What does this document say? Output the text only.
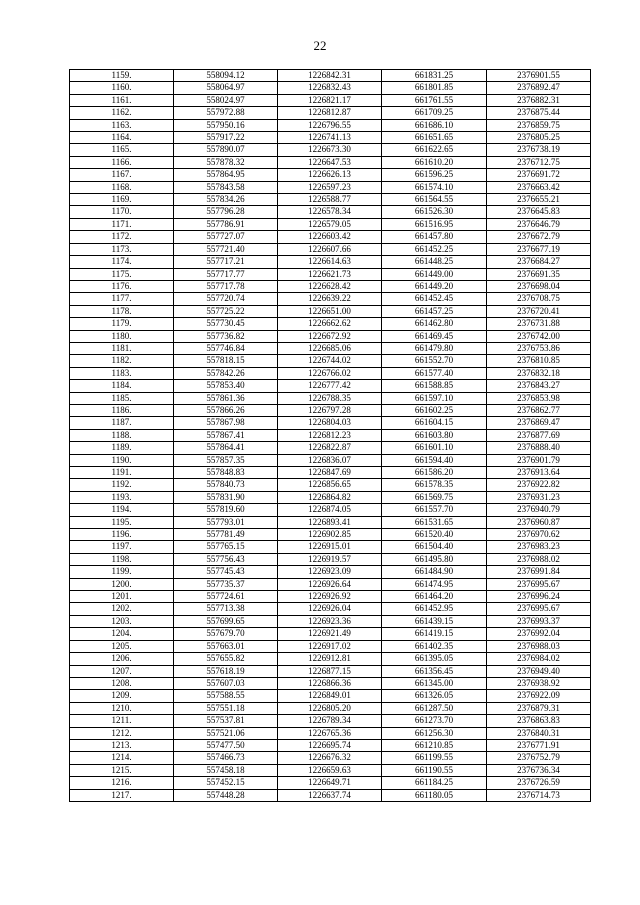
22
1159.	558094.12	1226842.31	661831.25	2376901.55
1160.	558064.97	1226832.43	661801.85	2376892.47
1161.	558024.97	1226821.17	661761.55	2376882.31
1162.	557972.88	1226812.87	661709.25	2376875.44
1163.	557950.16	1226796.55	661686.10	2376859.75
1164.	557917.22	1226741.13	661651.65	2376805.25
1165.	557890.07	1226673.30	661622.65	2376738.19
1166.	557878.32	1226647.53	661610.20	2376712.75
1167.	557864.95	1226626.13	661596.25	2376691.72
1168.	557843.58	1226597.23	661574.10	2376663.42
1169.	557834.26	1226588.77	661564.55	2376655.21
1170.	557796.28	1226578.34	661526.30	2376645.83
1171.	557786.91	1226579.05	661516.95	2376646.79
1172.	557727.07	1226603.42	661457.80	2376672.79
1173.	557721.40	1226607.66	661452.25	2376677.19
1174.	557717.21	1226614.63	661448.25	2376684.27
1175.	557717.77	1226621.73	661449.00	2376691.35
1176.	557717.78	1226628.42	661449.20	2376698.04
1177.	557720.74	1226639.22	661452.45	2376708.75
1178.	557725.22	1226651.00	661457.25	2376720.41
1179.	557730.45	1226662.62	661462.80	2376731.88
1180.	557736.82	1226672.92	661469.45	2376742.00
1181.	557746.84	1226685.06	661479.80	2376753.86
1182.	557818.15	1226744.02	661552.70	2376810.85
1183.	557842.26	1226766.02	661577.40	2376832.18
1184.	557853.40	1226777.42	661588.85	2376843.27
1185.	557861.36	1226788.35	661597.10	2376853.98
1186.	557866.26	1226797.28	661602.25	2376862.77
1187.	557867.98	1226804.03	661604.15	2376869.47
1188.	557867.41	1226812.23	661603.80	2376877.69
1189.	557864.41	1226822.87	661601.10	2376888.40
1190.	557857.35	1226836.07	661594.40	2376901.79
1191.	557848.83	1226847.69	661586.20	2376913.64
1192.	557840.73	1226856.65	661578.35	2376922.82
1193.	557831.90	1226864.82	661569.75	2376931.23
1194.	557819.60	1226874.05	661557.70	2376940.79
1195.	557793.01	1226893.41	661531.65	2376960.87
1196.	557781.49	1226902.85	661520.40	2376970.62
1197.	557765.15	1226915.01	661504.40	2376983.23
1198.	557756.43	1226919.57	661495.80	2376988.02
1199.	557745.43	1226923.09	661484.90	2376991.84
1200.	557735.37	1226926.64	661474.95	2376995.67
1201.	557724.61	1226926.92	661464.20	2376996.24
1202.	557713.38	1226926.04	661452.95	2376995.67
1203.	557699.65	1226923.36	661439.15	2376993.37
1204.	557679.70	1226921.49	661419.15	2376992.04
1205.	557663.01	1226917.02	661402.35	2376988.03
1206.	557655.82	1226912.81	661395.05	2376984.02
1207.	557618.19	1226877.15	661356.45	2376949.40
1208.	557607.03	1226866.36	661345.00	2376938.92
1209.	557588.55	1226849.01	661326.05	2376922.09
1210.	557551.18	1226805.20	661287.50	2376879.31
1211.	557537.81	1226789.34	661273.70	2376863.83
1212.	557521.06	1226765.36	661256.30	2376840.31
1213.	557477.50	1226695.74	661210.85	2376771.91
1214.	557466.73	1226676.32	661199.55	2376752.79
1215.	557458.18	1226659.63	661190.55	2376736.34
1216.	557452.15	1226649.71	661184.25	2376726.59
1217.	557448.28	1226637.74	661180.05	2376714.73
